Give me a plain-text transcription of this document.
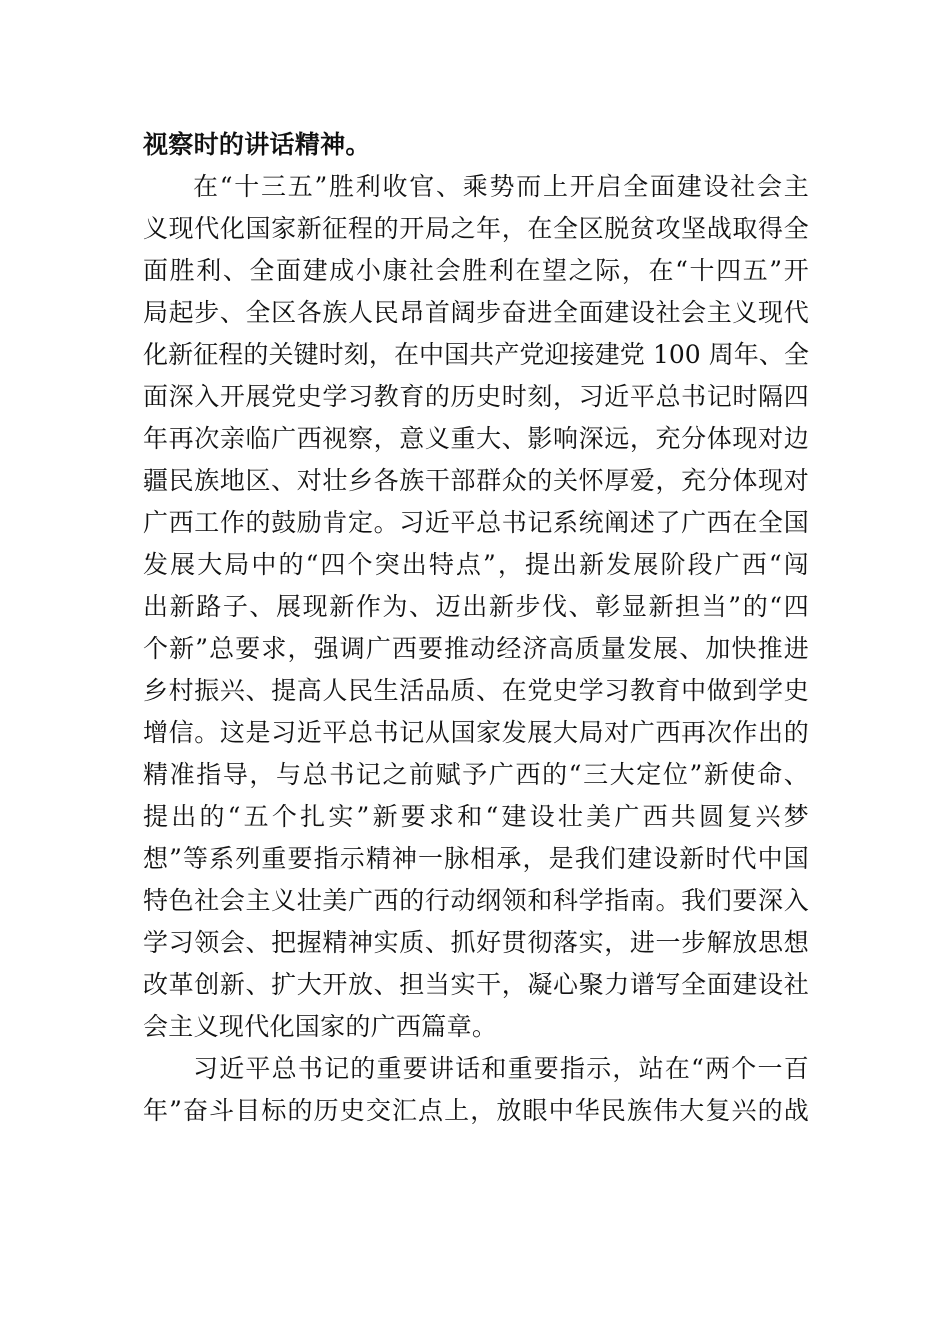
视察时的讲话精神。
在“十三五”胜利收官、乘势而上开启全面建设社会主
义现代化国家新征程的开局之年，在全区脱贫攻坚战取得全
面胜利、全面建成小康社会胜利在望之际，在“十四五”开
局起步、全区各族人民昂首阔步奋进全面建设社会主义现代
化新征程的关键时刻，在中国共产党迎接建党 100 周年、全
面深入开展党史学习教育的历史时刻，习近平总书记时隔四
年再次亲临广西视察，意义重大、影响深远，充分体现对边
疆民族地区、对壮乡各族干部群众的关怀厚爱，充分体现对
广西工作的鼓励肯定。习近平总书记系统阐述了广西在全国
发展大局中的“四个突出特点”，提出新发展阶段广西“闯
出新路子、展现新作为、迈出新步伐、彰显新担当”的“四
个新”总要求，强调广西要推动经济高质量发展、加快推进
乡村振兴、提高人民生活品质、在党史学习教育中做到学史
增信。这是习近平总书记从国家发展大局对广西再次作出的
精准指导，与总书记之前赋予广西的“三大定位”新使命、
提出的“五个扎实”新要求和“建设壮美广西共圆复兴梦
想”等系列重要指示精神一脉相承，是我们建设新时代中国
特色社会主义壮美广西的行动纲领和科学指南。我们要深入
学习领会、把握精神实质、抓好贯彻落实，进一步解放思想
改革创新、扩大开放、担当实干，凝心聚力谱写全面建设社
会主义现代化国家的广西篇章。
习近平总书记的重要讲话和重要指示，站在“两个一百
年”奋斗目标的历史交汇点上，放眼中华民族伟大复兴的战
